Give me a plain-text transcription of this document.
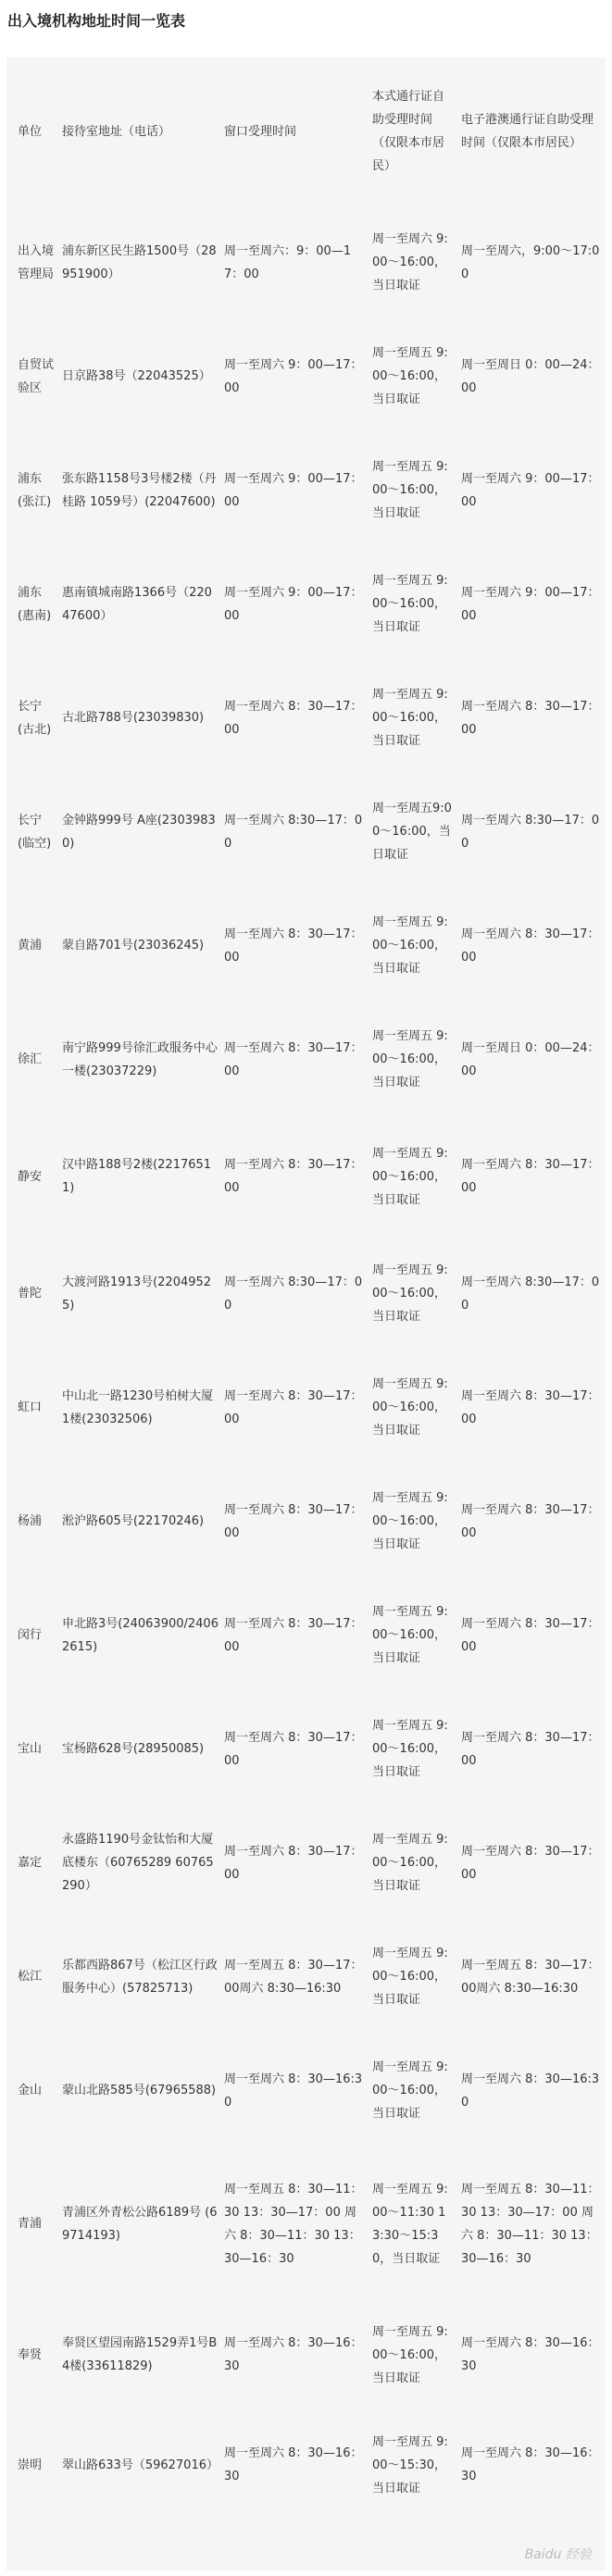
出入境机构地址时间一览表
单位	接待室地址（电话）	窗口受理时间	本式通行证自助受理时间（仅限本市居民）	电子港澳通行证自助受理时间（仅限本市居民）
出入境管理局	浦东新区民生路1500号（28951900）	周一至周六：9：00—17：00	周一至周六 9:00～16:00，当日取证	周一至周六，9:00～17:00
自贸试验区	日京路38号（22043525）	周一至周六 9：00—17：00	周一至周五 9:00～16:00，当日取证	周一至周日 0：00—24：00
浦东(张江)	张东路1158号3号楼2楼（丹桂路 1059号）(22047600)	周一至周六 9：00—17：00	周一至周五 9:00～16:00，当日取证	周一至周六 9：00—17：00
浦东(惠南)	惠南镇城南路1366号（22047600）	周一至周六 9：00—17：00	周一至周五 9:00～16:00，当日取证	周一至周六 9：00—17：00
长宁(古北)	古北路788号(23039830)	周一至周六 8：30—17：00	周一至周五 9:00～16:00，当日取证	周一至周六 8：30—17：00
长宁(临空)	金钟路999号 A座(23039830)	周一至周六 8:30—17：00	周一至周五9:00～16:00，当日取证	周一至周六 8:30—17：00
黄浦	蒙自路701号(23036245)	周一至周六 8：30—17：00	周一至周五 9:00～16:00，当日取证	周一至周六 8：30—17：00
徐汇	南宁路999号徐汇政服务中心一楼(23037229)	周一至周六 8：30—17：00	周一至周五 9:00～16:00，当日取证	周一至周日 0：00—24：00
静安	汉中路188号2楼(22176511)	周一至周六 8：30—17：00	周一至周五 9:00～16:00，当日取证	周一至周六 8：30—17：00
普陀	大渡河路1913号(22049525)	周一至周六 8:30—17：00	周一至周五 9:00～16:00，当日取证	周一至周六 8:30—17：00
虹口	中山北一路1230号柏树大厦1楼(23032506)	周一至周六 8：30—17：00	周一至周五 9:00～16:00，当日取证	周一至周六 8：30—17：00
杨浦	淞沪路605号(22170246)	周一至周六 8：30—17：00	周一至周五 9:00～16:00，当日取证	周一至周六 8：30—17：00
闵行	申北路3号(24063900/24062615)	周一至周六 8：30—17：00	周一至周五 9:00～16:00，当日取证	周一至周六 8：30—17：00
宝山	宝杨路628号(28950085)	周一至周六 8：30—17：00	周一至周五 9:00～16:00，当日取证	周一至周六 8：30—17：00
嘉定	永盛路1190号金钛怡和大厦底楼东（60765289 60765290）	周一至周六 8：30—17：00	周一至周五 9:00～16:00，当日取证	周一至周六 8：30—17：00
松江	乐都西路867号（松江区行政服务中心）(57825713)	周一至周五 8：30—17：00周六 8:30—16:30	周一至周五 9:00～16:00，当日取证	周一至周五 8：30—17：00周六 8:30—16:30
金山	蒙山北路585号(67965588)	周一至周六 8：30—16:30	周一至周五 9:00～16:00，当日取证	周一至周六 8：30—16:30
青浦	青浦区外青松公路6189号 (69714193)	周一至周五 8：30—11：30 13：30—17：00 周六 8：30—11：30 13：30—16：30	周一至周五 9:00～11:30 13:30～15:30，当日取证	周一至周五 8：30—11：30 13：30—17：00 周六 8：30—11：30 13：30—16：30
奉贤	奉贤区望园南路1529弄1号B4楼(33611829)	周一至周六 8：30—16：30	周一至周五 9:00～16:00，当日取证	周一至周六 8：30—16：30
崇明	翠山路633号（59627016）	周一至周六 8：30—16：30	周一至周五 9:00～15:30，当日取证	周一至周六 8：30—16：30
Baidu 经验
